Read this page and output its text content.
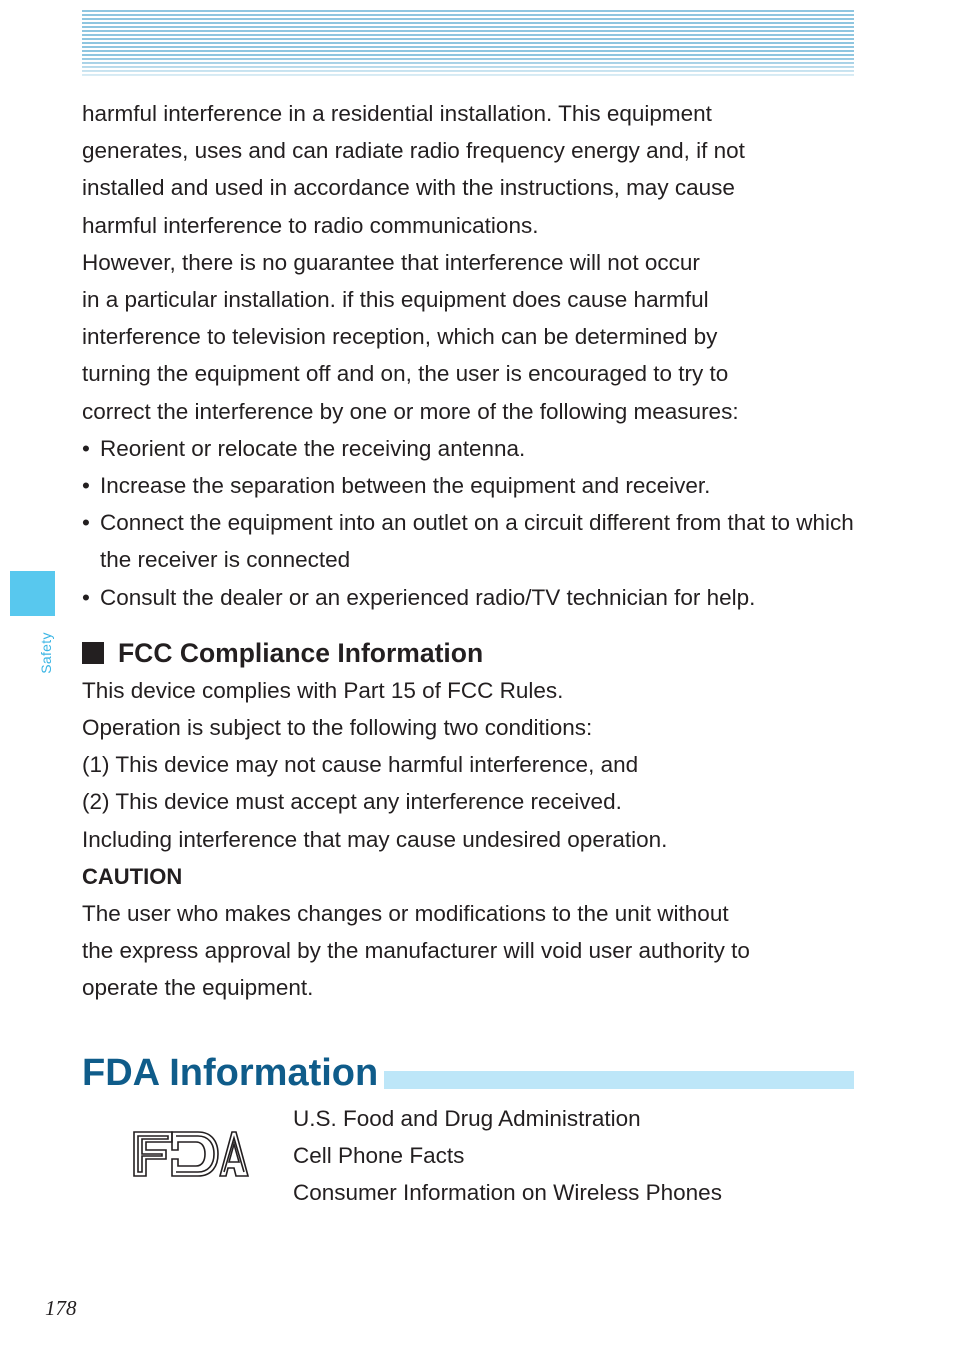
Safety

harmful interference in a residential installation. This equipment
generates, uses and can radiate radio frequency energy and, if not
installed and used in accordance with the instructions, may cause
harmful interference to radio communications.

However, there is no guarantee that interference will not occur
in a particular installation. if this equipment does cause harmful
interference to television reception, which can be determined by
turning the equipment off and on, the user is encouraged to try to
correct the interference by one or more of the following measures:

• Reorient or relocate the receiving antenna.
• Increase the separation between the equipment and receiver.
• Connect the equipment into an outlet on a circuit different from that to which the receiver is connected
• Consult the dealer or an experienced radio/TV technician for help.
FCC Compliance Information

This device complies with Part 15 of FCC Rules.
Operation is subject to the following two conditions:
(1) This device may not cause harmful interference, and
(2) This device must accept any interference received.
Including interference that may cause undesired operation.

CAUTION

The user who makes changes or modifications to the unit without
the express approval by the manufacturer will void user authority to
operate the equipment.

FDA Information
U.S. Food and Drug Administration
Cell Phone Facts
Consumer Information on Wireless Phones
178
